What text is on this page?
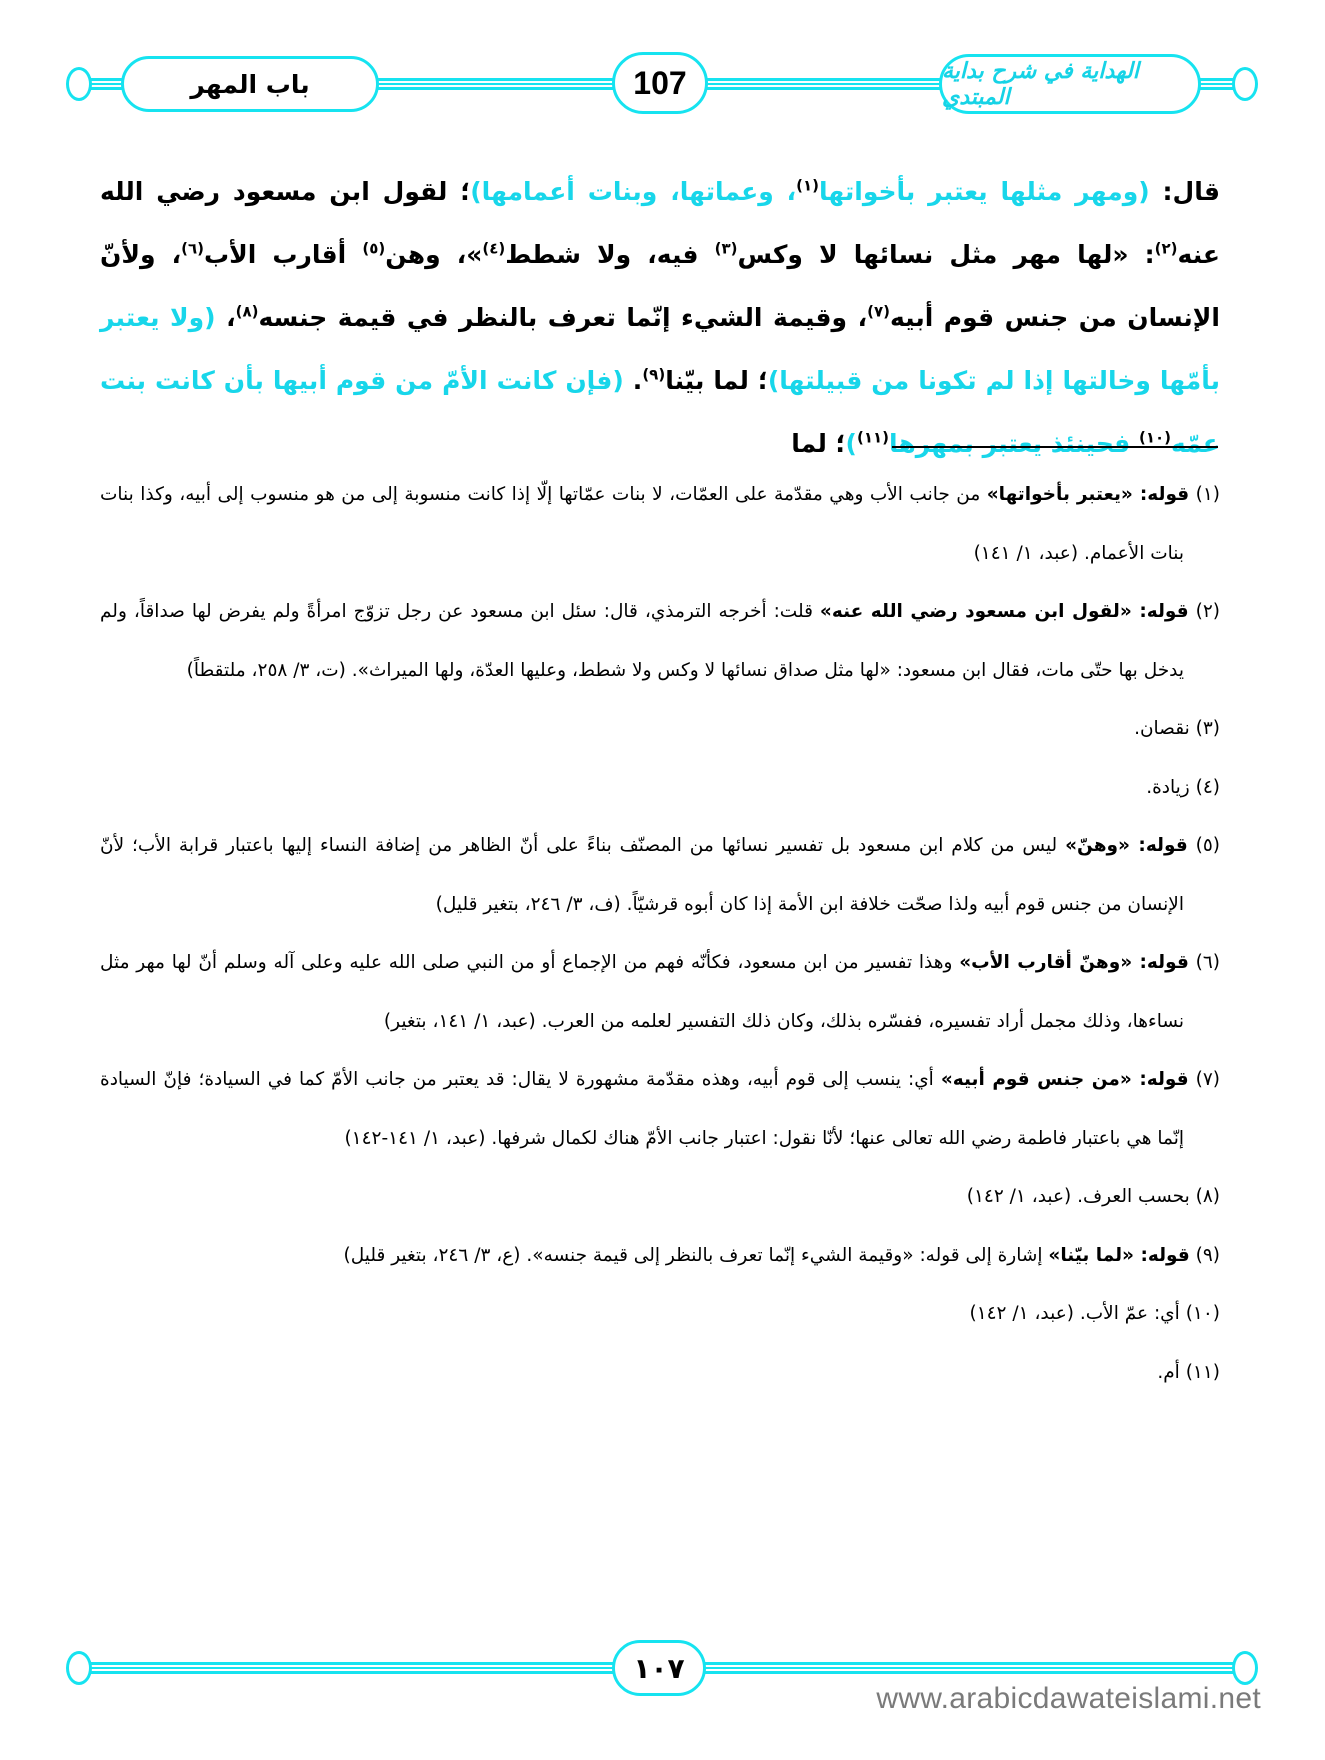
باب المهر	107	الهداية في شرح بداية المبتدي
قال: (ومهر مثلها يعتبر بأخواتها$^{(١)}$، وعماتها، وبنات أعمامها)؛ لقول ابن مسعود رضي الله عنه$^{(٢)}$: «لها مهر مثل نسائها لا وكس$^{(٣)}$ فيه، ولا شطط$^{(٤)}$»، وهن$^{(٥)}$ أقارب الأب$^{(٦)}$، ولأنّ الإنسان من جنس قوم أبيه$^{(٧)}$، وقيمة الشيء إنّما تعرف بالنظر في قيمة جنسه$^{(٨)}$، (ولا يعتبر بأمّها وخالتها إذا لم تكونا من قبيلتها)؛ لما بيّنا$^{(٩)}$. (فإن كانت الأمّ من قوم أبيها بأن كانت بنت عمّه$^{(١٠)}$ فحينئذ يعتبر بمهرها$^{(١١)}$)؛ لما

(١) قوله: «يعتبر بأخواتها» من جانب الأب وهي مقدّمة على العمّات، لا بنات عمّاتها إلّا إذا كانت منسوبة إلى من هو منسوب إلى أبيه، وكذا بنات بنات الأعمام. (عبد، ١/ ١٤١)

(٢) قوله: «لقول ابن مسعود رضي الله عنه» قلت: أخرجه الترمذي، قال: سئل ابن مسعود عن رجل تزوّج امرأةً ولم يفرض لها صداقاً، ولم يدخل بها حتّى مات، فقال ابن مسعود: «لها مثل صداق نسائها لا وكس ولا شطط، وعليها العدّة، ولها الميراث». (ت، ٣/ ٢٥٨، ملتقطاً)

(٣) نقصان.

(٤) زيادة.

(٥) قوله: «وهنّ» ليس من كلام ابن مسعود بل تفسير نسائها من المصنّف بناءً على أنّ الظاهر من إضافة النساء إليها باعتبار قرابة الأب؛ لأنّ الإنسان من جنس قوم أبيه ولذا صحّت خلافة ابن الأمة إذا كان أبوه قرشيّاً. (ف، ٣/ ٢٤٦، بتغير قليل)

(٦) قوله: «وهنّ أقارب الأب» وهذا تفسير من ابن مسعود، فكأنّه فهم من الإجماع أو من النبي صلى الله عليه وعلى آله وسلم أنّ لها مهر مثل نساءها، وذلك مجمل أراد تفسيره، ففسّره بذلك، وكان ذلك التفسير لعلمه من العرب. (عبد، ١/ ١٤١، بتغير)

(٧) قوله: «من جنس قوم أبيه» أي: ينسب إلى قوم أبيه، وهذه مقدّمة مشهورة لا يقال: قد يعتبر من جانب الأمّ كما في السيادة؛ فإنّ السيادة إنّما هي باعتبار فاطمة رضي الله تعالى عنها؛ لأنّا نقول: اعتبار جانب الأمّ هناك لكمال شرفها. (عبد، ١/ ١٤١-١٤٢)

(٨) بحسب العرف. (عبد، ١/ ١٤٢)

(٩) قوله: «لما بيّنا» إشارة إلى قوله: «وقيمة الشيء إنّما تعرف بالنظر إلى قيمة جنسه». (ع، ٣/ ٢٤٦، بتغير قليل)

(١٠) أي: عمّ الأب. (عبد، ١/ ١٤٢)

(١١) أم.

١٠٧
www.arabicdawateislami.net
